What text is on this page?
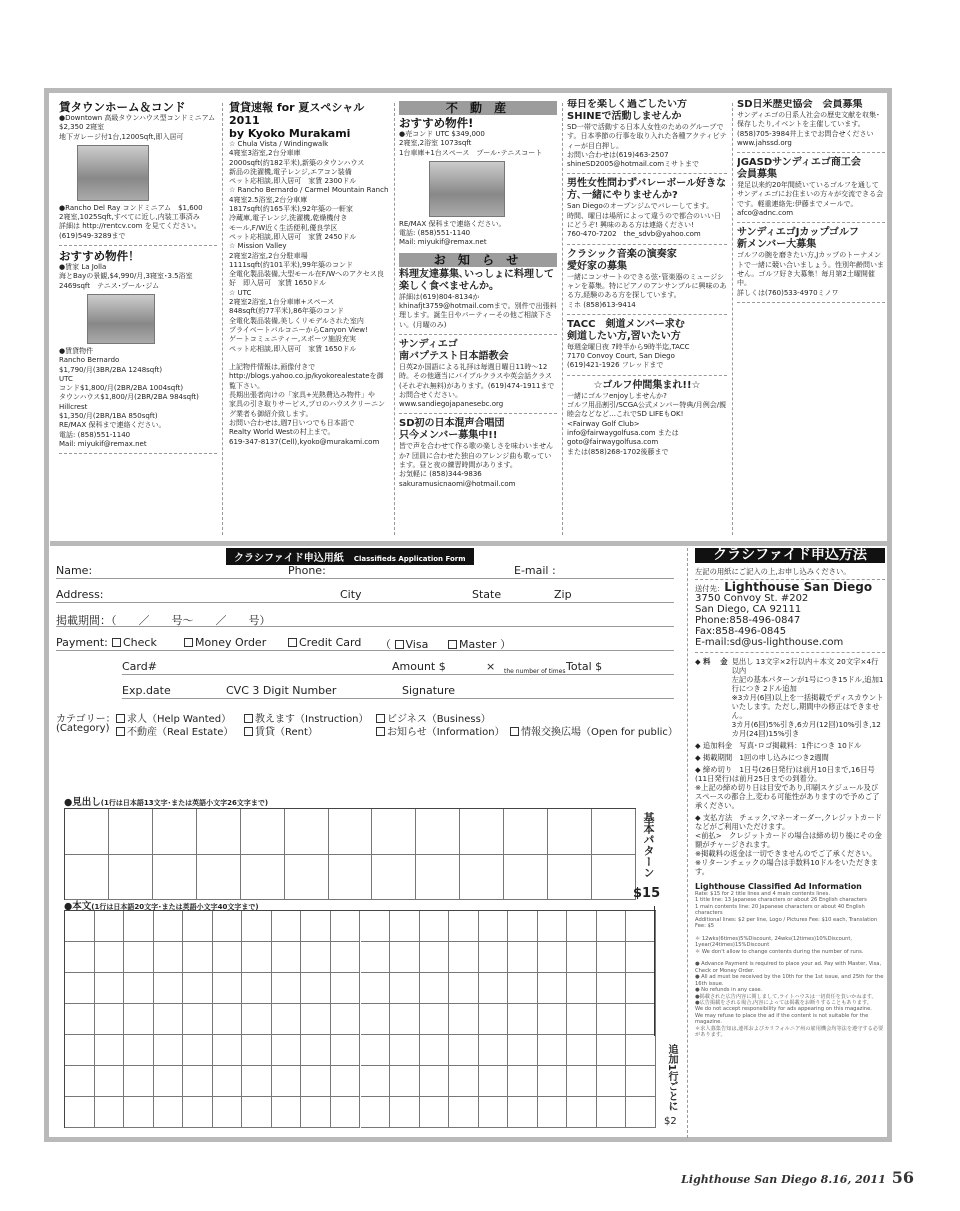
賃タウンホーム＆コンド
●Downtown 高級タウンハウス型コンドミニアム
$2,350 2寝室
地下ガレージ付1台,1200Sqft,即入居可
●Rancho Del Ray コンドミニアム　$1,600
2寝室,1025Sqft,すべてに近し,内装工事済み
詳細は http://rentcv.com を見てください。
(619)549-3289まで
おすすめ物件！
●賃家 La Jolla
海とBayの景観,$4,990/月,3寝室･3.5浴室
2469sqft　テニス･プール･ジム
●賃貸物件
Rancho Bernardo
$1,790/月(3BR/2BA 1248sqft)
UTC
コンド$1,800/月(2BR/2BA 1004sqft)
タウンハウス$1,800/月(2BR/2BA 984sqft)
Hillcrest
$1,350/月(2BR/1BA 850sqft)
RE/MAX 保科まで連絡ください。
電話: (858)551-1140
Mail: miyukif@remax.net
賃貸速報 for 夏スペシャル 2011
by Kyoko Murakami
☆ Chula Vista / Windingwalk
4寝室3浴室,2台分車庫
2000sqft(約182平米),新築のタウンハウス
新品の洗濯機,電子レンジ,エアコン装備
ペット応相談,即入居可　家賃 2300ドル
☆ Rancho Bernardo / Carmel Mountain Ranch
4寝室2.5浴室,2台分車庫
1817sqft(約165平米),92年築の一軒家
冷蔵庫,電子レンジ,洗濯機,乾燥機付き
モール,F/W近く生活便利,優良学区
ペット応相談,即入居可　家賃 2450ドル
☆ Mission Valley
2寝室2浴室,2台分駐車場
1111sqft(約101平米),99年築のコンド
全電化製品装備,大型モール在F/Wへのアクセス良好　即入居可　家賃 1650ドル
☆ UTC
2寝室2浴室,1台分車庫+スペース
848sqft(約77平米),86年築のコンド
全電化製品装備,美しくリモデルされた室内
プライベートバルコニーからCanyon View!
ゲートコミュニティー,スポーツ施設充実
ペット応相談,即入居可　家賃 1650ドル

上記物件情報は,画像付きで
http://blogs.yahoo.co.jp/kyokorealestateを御覧下さい。
長期出張者向けの「家具+光熱費込み物件」や
家具の引き取りサービス,プロのハウスクリーニング業者も御紹介致します。
お問い合わせは,週7日いつでも日本語で
Realty World Westの村上まで。
619-347-8137(Cell),kyoko@murakami.com
不 動 産
おすすめ物件!
●売コンド UTC $349,000
2寝室,2浴室 1073sqft
1台車庫+1台スペース　プール･テニスコート
RE/MAX 保科まで連絡ください。
電話: (858)551-1140
Mail: miyukif@remax.net
お 知 ら せ
料理友達募集､いっしょに料理して楽しく食べませんか｡
詳細は(619)804-8134かkhinafjt3759@hotmail.comまで。別件で出張料理します。誕生日やパーティーその他ご相談下さい。(月曜のみ)
サンディエゴ
南バプテスト日本語教会
日英2か国語による礼拝は毎週日曜日11時～12時。その他適当にバイブルクラスや英会話クラス(それぞれ無料)があります。(619)474-1911までお問合せください。www.sandiegojapanesebc.org
SD初の日本混声合唱団
只今メンバー募集中!!
皆で声を合わせて作る歌の楽しさを味わいませんか? 団員に合わせた独自のアレンジ曲も歌っています。昼と夜の練習時間があります。
お気軽に (858)344-9836
sakuramusicnaomi@hotmail.com
毎日を楽しく過ごしたい方
SHINEで活動しませんか
SD一帯で活動する日本人女性のためのグループです。日本季節の行事を取り入れた各種アクティビティーが目白押し。
お問い合わせは(619)463-2507
shineSD2005@hotmail.comミサトまで
男性女性問わずバレーボール好きな方､一緒にやりませんか?
San Diegoのオープンジムでバレーしてます。
時間、曜日は場所によって違うので都合のいい日にどうぞ! 興味のある方は連絡ください!
760-470-7202　the_sdvb@yahoo.com
クラシック音楽の演奏家
愛好家の募集
一緒にコンサートのできる弦･管楽器のミュージシャンを募集。特にピアノのアンサンブルに興味のある方,経験のある方を探しています。
ミホ (858)613-9414
TACC　剣道メンバー求む
剣道したい方,習いたい方
毎週金曜日夜 7時半から9時半迄,TACC
7170 Convoy Court, San Diego
(619)421-1926 フレッドまで
☆ゴルフ仲間集まれ!!☆
一緒にゴルフenjoyしませんか?
ゴルフ用品割引/SCGA公式メンバー特典/月例会/親睦会などなど…これでSD LIFEもOK!
<Fairway Golf Club>
info@fairwaygolfusa.com または
goto@fairwaygolfusa.com
または(858)268-1702後藤まで
SD日米歴史協会　会員募集
サンディエゴの日系人社会の歴史文献を収集･保存したり,イベントを主催しています。
(858)705-3984井上までお問合せください
www.jahssd.org
JGASDサンディエゴ商工会
会員募集
発足以来約20年間続いているゴルフを通してサンディエゴにお住まいの方々が交流できる会です。軽重連絡先:伊藤までメールで。
afco@adnc.com
サンディエゴJカップゴルフ
新メンバー大募集
ゴルフの腕を磨きたい方,Jカップのトーナメントで一緒に競い合いましょう。性別年齢問いません。ゴルフ好き大募集！毎月第2土曜開催中。
詳しくは(760)533-4970ミノワ
クラシファイド申込用紙　 Classifieds Application Form
Name:	Phone:	E-mail :
Address:	City	State	Zip
掲載期間：（　　／　　号～　　／　　号）
Payment:	Check	Money Order	Credit Card （ Visa	Master ）
Card#	Amount $	× the number of times Total $
Exp.date	CVC 3 Digit Number	Signature
カテゴリー：
(Category)
求人（Help Wanted）	教えます（Instruction）	ビジネス（Business）
不動産（Real Estate）	賃貸（Rent）	お知らせ（Information）	情報交換広場（Open for public）
●見出し(1行は日本語13文字･または英語小文字26文字まで)
●本文(1行は日本語20文字･または英語小文字40文字まで)
基本パターン
$15
追加1行ごとに
$2
クラシファイド申込方法
左記の用紙にご記入の上,お申し込みください。
送付先：Lighthouse San Diego
3750 Convoy St. #202
San Diego, CA 92111
Phone:858-496-0847
Fax:858-496-0845
E-mail:sd@us-lighthouse.com
◆ 料　 金 見出し 13文字×2行以内＋本文 20文字×4行以内
左記の基本パターンが1号につき15ドル,追加1行につき 2ドル追加
※3カ月(6回)以上を一括掲載でディスカウントいたします。ただし,期間中の修正はできません。
3カ月(6回)5%引き,6カ月(12回)10%引き,12カ月(24回)15%引き
◆ 追加料金　写真･ロゴ掲載料：1件につき 10ドル
◆ 掲載期間　1回の申し込みにつき2週間
◆ 締め切り　1日号(26日発行)は前月10日まで,16日号(11日発行)は前月25日までの到着分。
※上記の締め切り日は目安であり,印刷スケジュール及びスペースの都合上,変わる可能性がありますので予めご了承ください。
◆ 支払方法　チェック,マネーオーダー,クレジットカードなどがご利用いただけます。
<前払>　クレジットカードの場合は締め切り後にその金額がチャージされます。
※掲載料の返金は一切できませんのでご了承ください。
※リターンチェックの場合は手数料10ドルをいただきます。
Lighthouse Classified Ad Information
Rate: $15 for 2 title lines and 4 main contents lines.
1 title line: 13 Japanese characters or about 26 English characters
1 main contents line: 20 Japanese characters or about 40 English characters
Additional lines: $2 per line, Logo / Pictures Fee: $10 each, Translation Fee: $5

＊ 12wks(6times)5%Discount, 24wks(12times)10%Discount,
1year(24times)15%Discount
＊ We don't allow to change contents during the number of runs.

● Advance Payment is required to place your ad. Pay with Master, Visa, Check or Money Order.
● All ad must be received by the 10th for the 1st issue, and 25th for the 16th issue.
● No refunds in any case.
●掲載された広告内容に関しまして,ライトハウスは一切責任を負いかねます。
●広告掲載をされる場合,内容によっては掲載をお断りすることもあります。
We do not accept responsibility for ads appearing on this magazine.
We may refuse to place the ad if the content is not suitable for the magazine.
＊求人募集告知は,連邦およびカリフォルニア州の雇用機会均等法を遵守する必要があります。
Lighthouse San Diego 8.16, 2011 56
